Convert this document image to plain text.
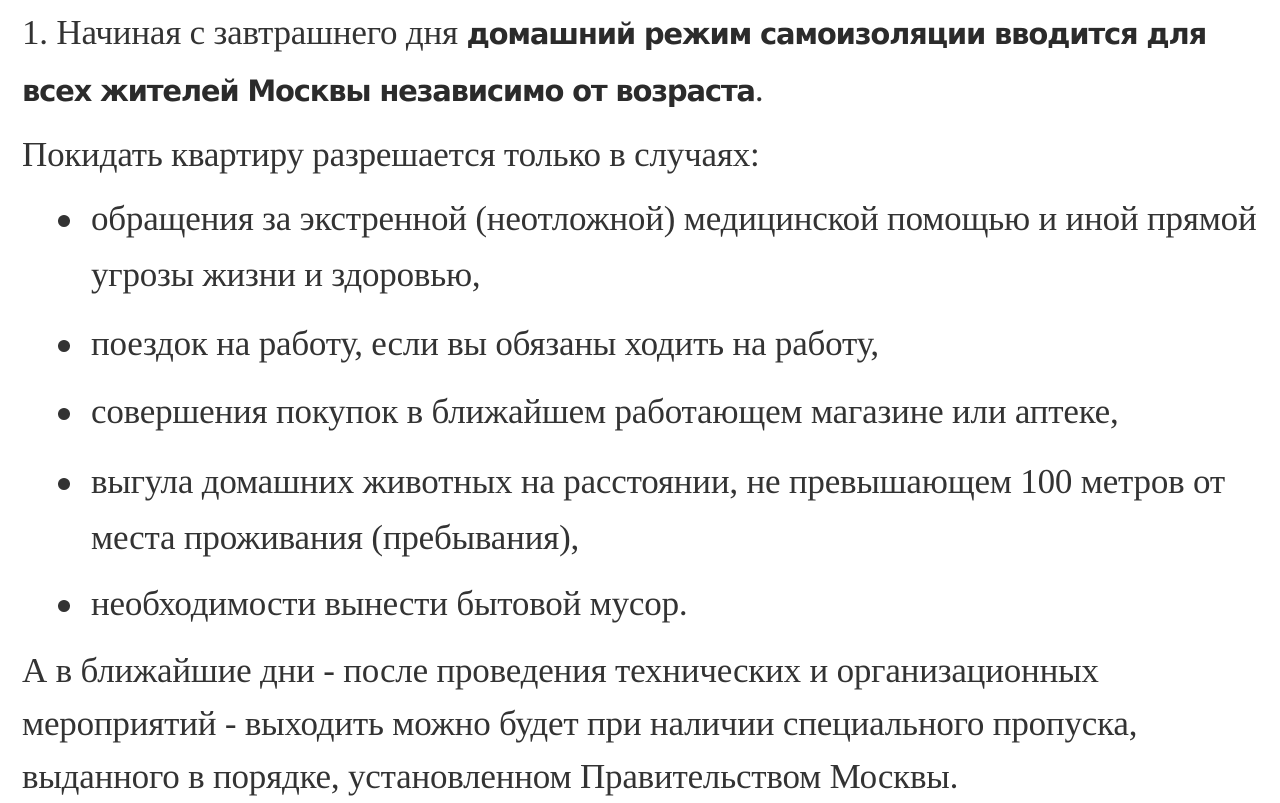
1. Начиная с завтрашнего дня домашний режим самоизоляции вводится для всех жителей Москвы независимо от возраста.

Покидать квартиру разрешается только в случаях:

обращения за экстренной (неотложной) медицинской помощью и иной прямой угрозы жизни и здоровью,
поездок на работу, если вы обязаны ходить на работу,
совершения покупок в ближайшем работающем магазине или аптеке,
выгула домашних животных на расстоянии, не превышающем 100 метров от места проживания (пребывания),
необходимости вынести бытовой мусор.

А в ближайшие дни - после проведения технических и организационных мероприятий - выходить можно будет при наличии специального пропуска, выданного в порядке, установленном Правительством Москвы.
